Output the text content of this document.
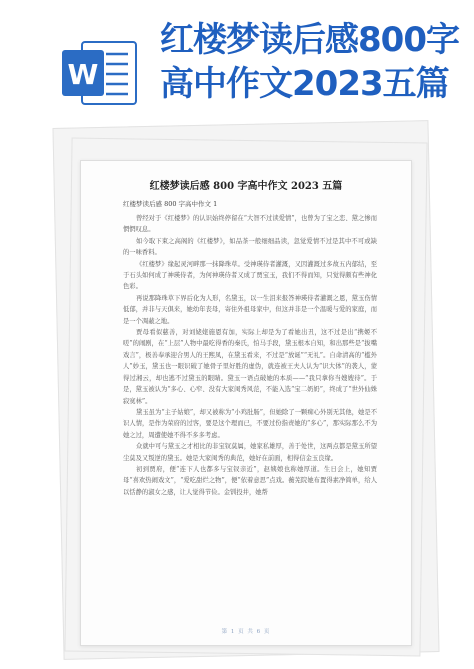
W
红楼梦读后感800字高中作文2023五篇
红楼梦读后感 800 字高中作文 2023 五篇
红楼梦读后感 800 字高中作文 1

曾经对于《红楼梦》的认识始终停留在“大智不过读爱情”，也曾为了宝之恋、黛之惨而惘惘叹息。

如今取下束之高阁的《红楼梦》，如品茶一般细细品读，忽觉爱情不过是其中不可或缺的一味香料。

《红楼梦》缘起灵河畔那一抹降珠草。受神瑛侍者灌溉，又因灌溉过多故五内郁结，至于石头如何成了神瑛侍者，为何神瑛侍者又成了贾宝玉，我们不得而知，只觉得颇有些神化色彩。

再说那降珠草下界后化为人形，名黛玉，以一生泪来报答神瑛侍者灌溉之恩，黛玉伤情低郁，并非与天俱来，她幼年丧母，寄住外祖母家中，但这并非是一个温暖与爱的家庭，而是一个凋蔽之地。

贾母看似慈善，对刘姥姥施恩有加，实际上却是为了看她出丑，这不过是出“携姬不嗟”的闹剧，在“上层”人物中最吃得香的秦氏，怕马手段，黛玉根本自知，和出那些是“拔嘴戏言”，极善奉承迎合男人的王熙凤，在黛玉看来，不过是“放诞”“无礼”。自命清高的“槛外人”妙玉，黛玉也一眼识破了她骨子里好胜的虚伪，就连被王夫人认为“识大体”的袭人，蒙得过湘云，却也逃不过黛玉的眼睛。黛玉一语点破她的本质——“我只拿你当嫂嫂待”。于是，黛玉被认为“多心、心窄、没有大家闺秀风范，不能入选“宝二奶奶”，终成了“世外仙姝寂寞林”。

黛玉虽为“主子姑娘”，却又被称为“小鸡肚肠”，但她除了一颗痴心外别无其他，她是不识人情，是作为荣府的过客，要是这个理而已，不要过份指责她的“多心”，那实际那么不为她之过，周遭使她不得不多多考虑。

众就中可与黛玉之才相比的非宝钗莫属，她家私雄厚，善于处世，这两点都是黛玉所望尘莫及又叛逆的黛玉。她是大家闺秀的典范，她好在前面，相得信金玉良缘。

初到贾府，便“连下人也都多与宝钗亲近”，赵姨娘也称她厚道。生日会上，她知贾母“喜欢热闹戏文”，“爱吃甜烂之物”，便“依着意思”点戏。蘅芜院她布置得素净简单，给人以恬静的淑女之感，让人觉得节俭。金钏投井，她帮

第 1 页 共 6 页
